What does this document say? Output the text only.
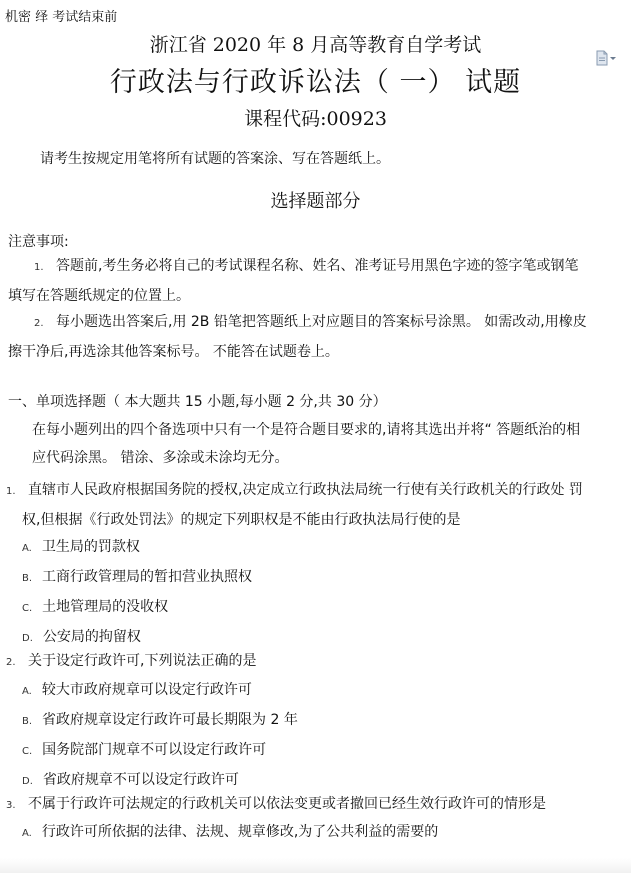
机密 绎 考试结束前
浙江省 2020 年 8 月高等教育自学考试
行政法与行政诉讼法（ 一） 试题
课程代码:00923
请考生按规定用笔将所有试题的答案涂、写在答题纸上。
选择题部分
注意事项:
1. 答题前,考生务必将自己的考试课程名称、姓名、准考证号用黑色字迹的签字笔或钢笔
填写在答题纸规定的位置上。
2. 每小题选出答案后,用 2B 铅笔把答题纸上对应题目的答案标号涂黑。 如需改动,用橡皮
擦干净后,再选涂其他答案标号。 不能答在试题卷上。
一、单项选择题（ 本大题共 15 小题,每小题 2 分,共 30 分）
在每小题列出的四个备选项中只有一个是符合题目要求的,请将其选出并将“ 答题纸治的相
应代码涂黑。 错涂、多涂或未涂均无分。
1. 直辖市人民政府根据国务院的授权,决定成立行政执法局统一行使有关行政机关的行政处 罚
权,但根据《行政处罚法》的规定下列职权是不能由行政执法局行使的是
A. 卫生局的罚款权
B. 工商行政管理局的暂扣营业执照权
C. 土地管理局的没收权
D. 公安局的拘留权
2. 关于设定行政许可,下列说法正确的是
A. 较大市政府规章可以设定行政许可
B. 省政府规章设定行政许可最长期限为 2 年
C. 国务院部门规章不可以设定行政许可
D. 省政府规章不可以设定行政许可
3. 不属于行政许可法规定的行政机关可以依法变更或者撤回已经生效行政许可的情形是
A. 行政许可所依据的法律、法规、规章修改,为了公共利益的需要的
